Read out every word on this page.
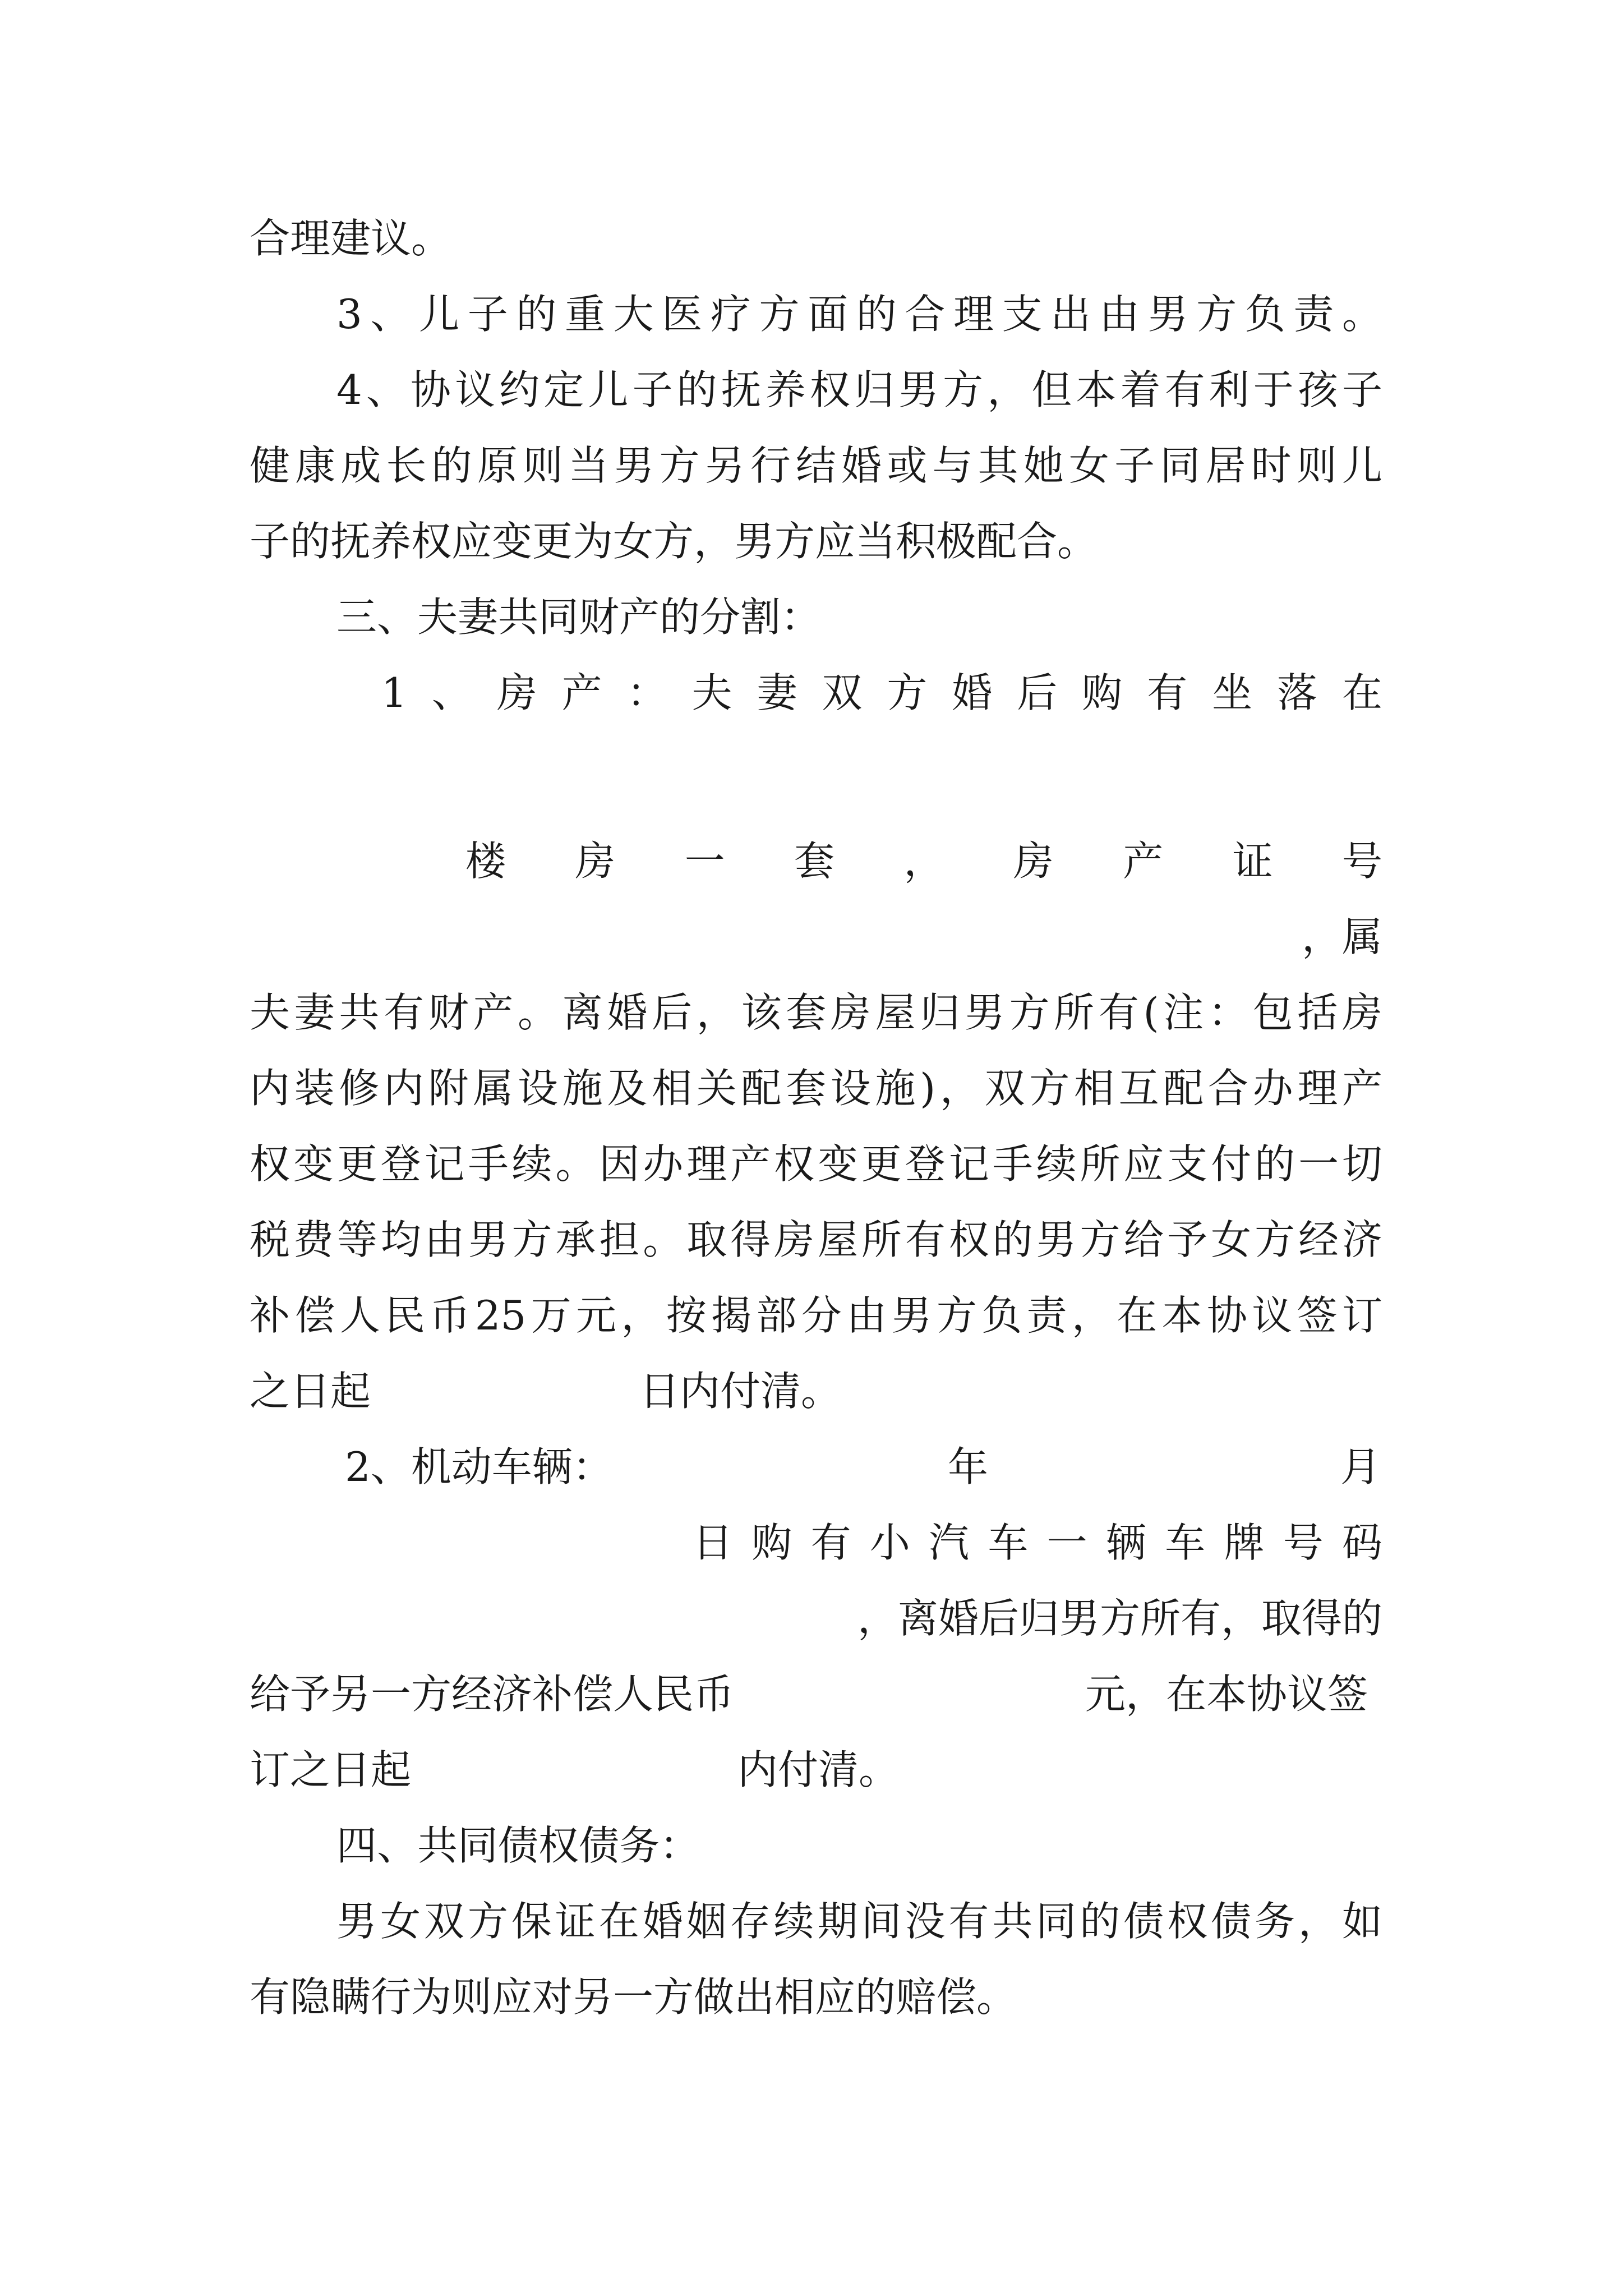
合理建议。
3、儿子的重大医疗方面的合理支出由男方负责。
4、协议约定儿子的抚养权归男方，但本着有利于孩子
健康成长的原则当男方另行结婚或与其她女子同居时则儿
子的抚养权应变更为女方，男方应当积极配合。
三、夫妻共同财产的分割：
1、房产：夫妻双方婚后购有坐落在
楼房一套，房产证号
，属
夫妻共有财产。离婚后，该套房屋归男方所有(注：包括房
内装修内附属设施及相关配套设施)，双方相互配合办理产
权变更登记手续。因办理产权变更登记手续所应支付的一切
税费等均由男方承担。取得房屋所有权的男方给予女方经济
补偿人民币25万元，按揭部分由男方负责，在本协议签订
之日起	日内付清。
2、机动车辆：	年	月
日购有小汽车一辆车牌号码
，离婚后归男方所有，取得的
给予另一方经济补偿人民币	元，在本协议签
订之日起	内付清。
四、共同债权债务：
男女双方保证在婚姻存续期间没有共同的债权债务，如
有隐瞒行为则应对另一方做出相应的赔偿。
